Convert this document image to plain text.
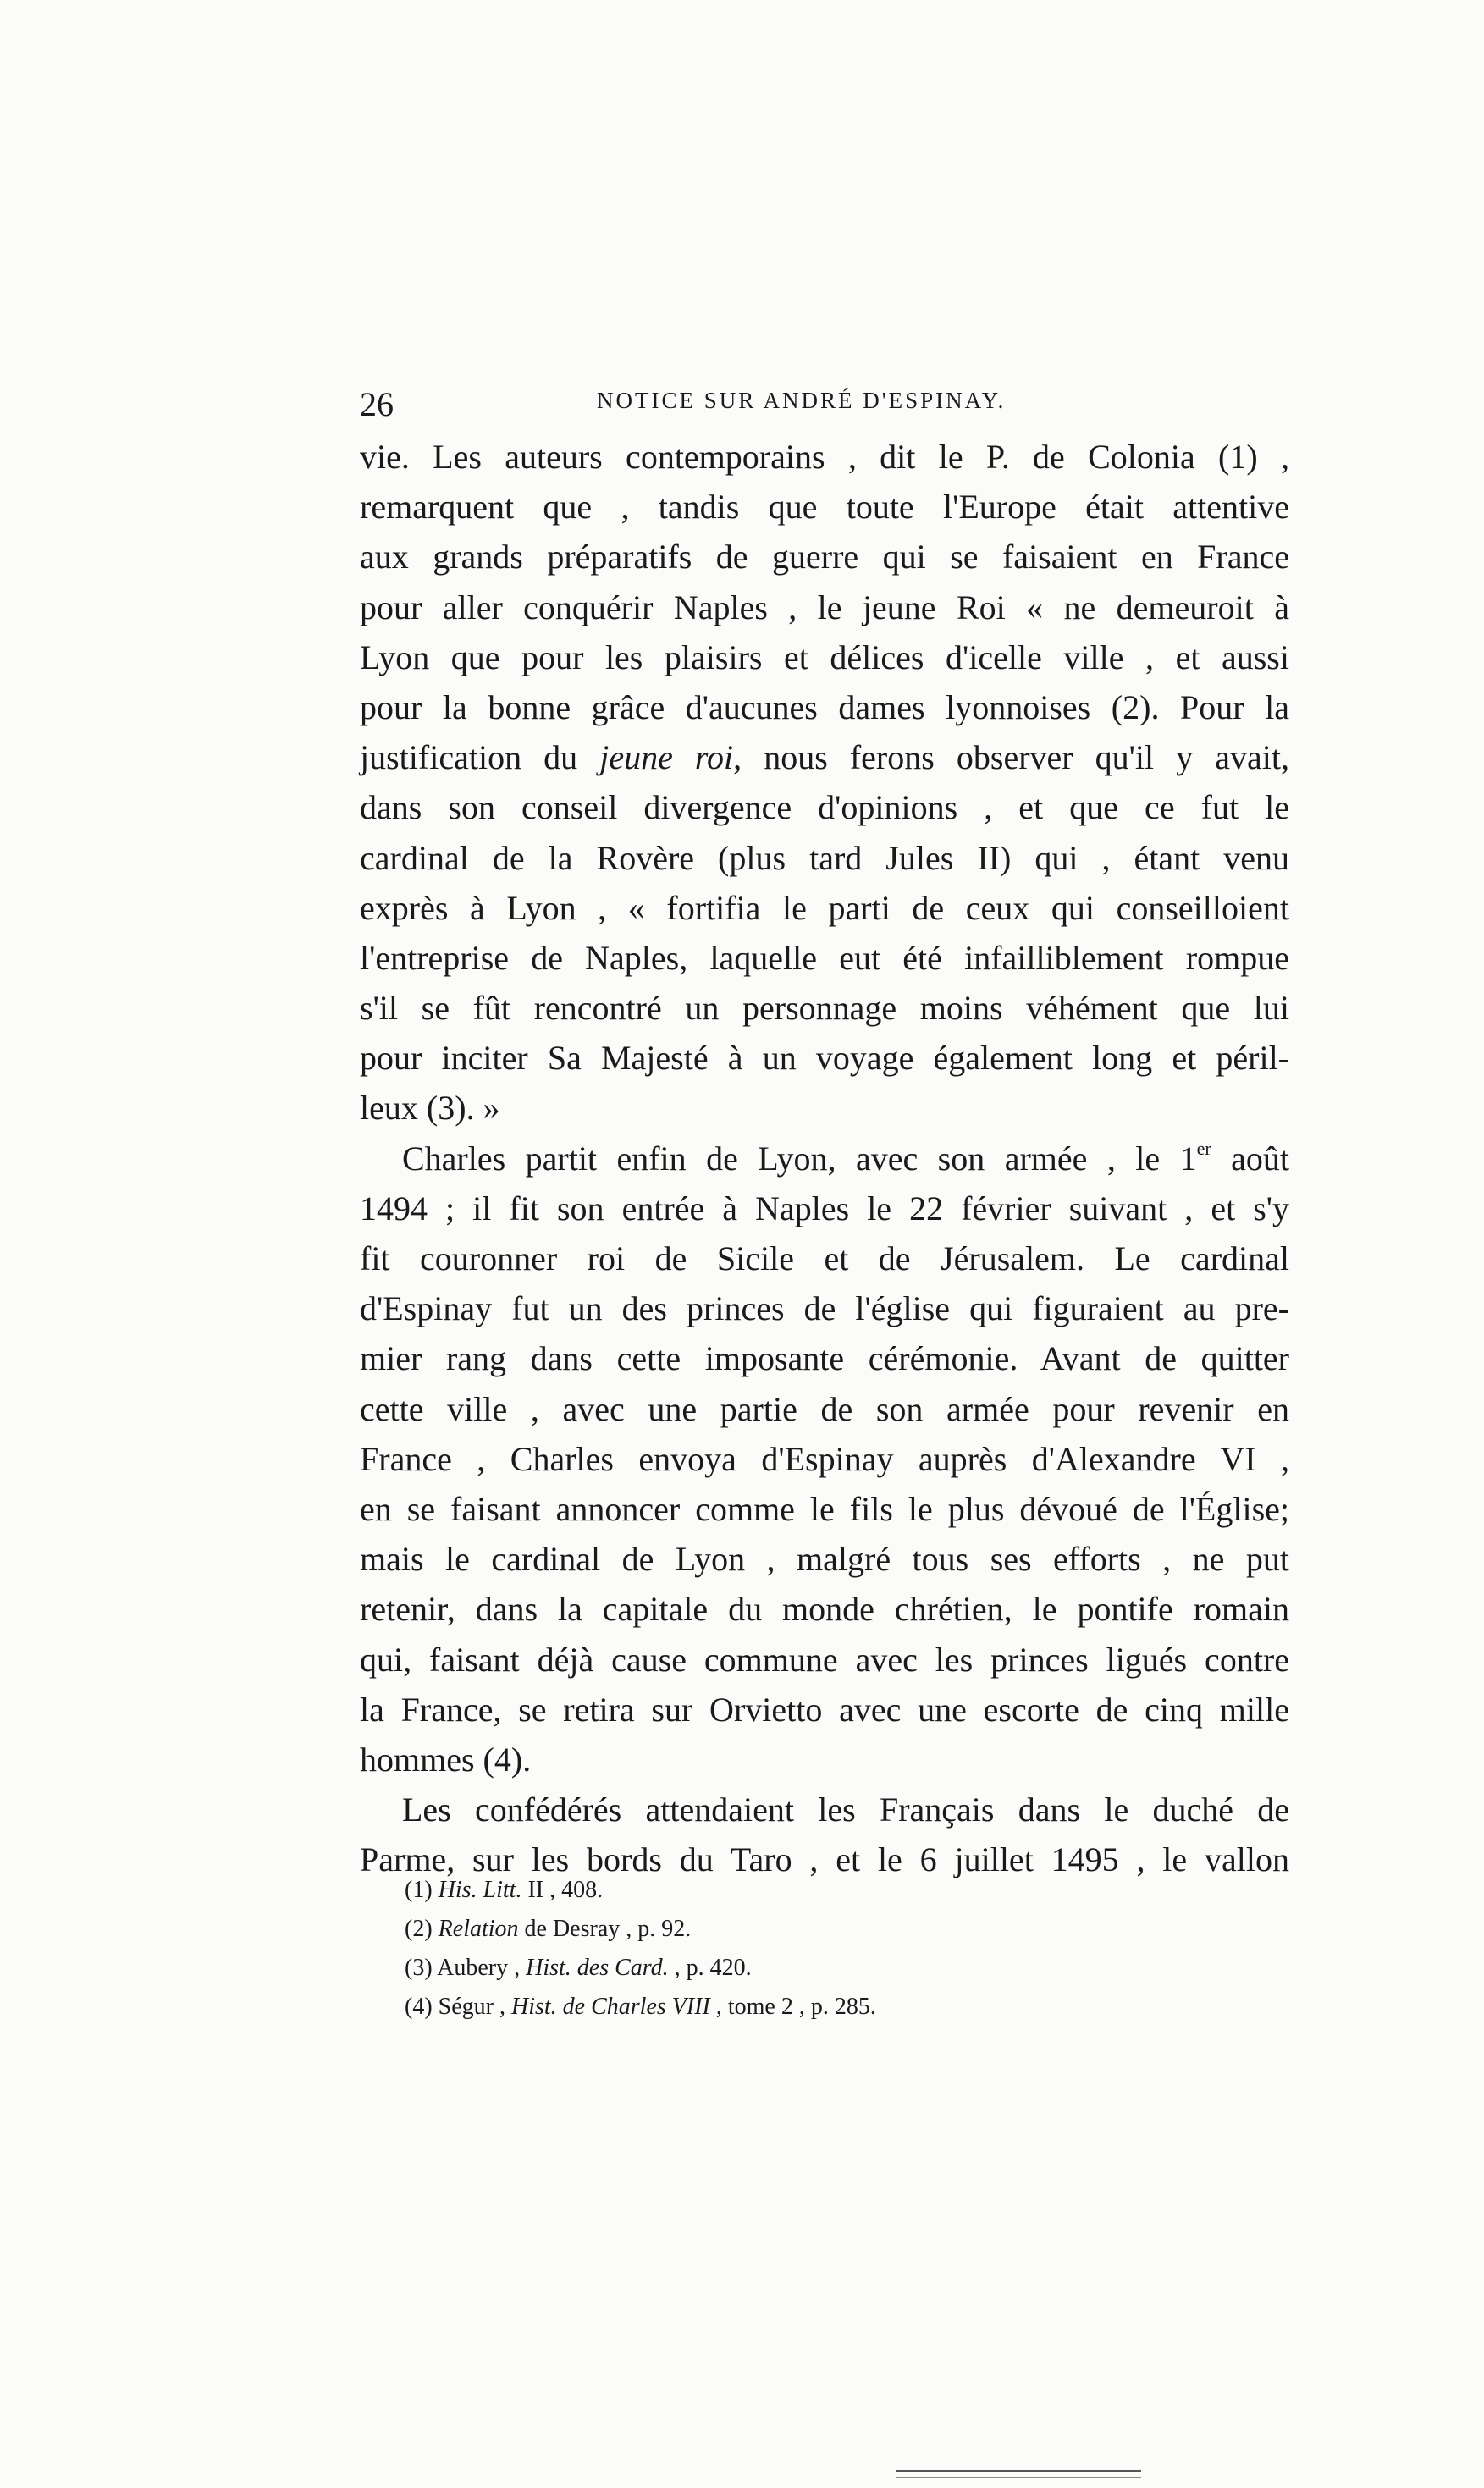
26	NOTICE SUR ANDRÉ D'ESPINAY.
vie. Les auteurs contemporains , dit le P. de Colonia (1) ,
remarquent que , tandis que toute l'Europe était attentive
aux grands préparatifs de guerre qui se faisaient en France
pour aller conquérir Naples , le jeune Roi « ne demeuroit à
Lyon que pour les plaisirs et délices d'icelle ville , et aussi
pour la bonne grâce d'aucunes dames lyonnoises (2). Pour la
justification du jeune roi, nous ferons observer qu'il y avait,
dans son conseil divergence d'opinions , et que ce fut le
cardinal de la Rovère (plus tard Jules II) qui , étant venu
exprès à Lyon , « fortifia le parti de ceux qui conseilloient
l'entreprise de Naples, laquelle eut été infailliblement rompue
s'il se fût rencontré un personnage moins véhément que lui
pour inciter Sa Majesté à un voyage également long et péril-
leux (3). »
Charles partit enfin de Lyon, avec son armée , le 1er août
1494 ; il fit son entrée à Naples le 22 février suivant , et s'y
fit couronner roi de Sicile et de Jérusalem. Le cardinal
d'Espinay fut un des princes de l'église qui figuraient au pre-
mier rang dans cette imposante cérémonie. Avant de quitter
cette ville , avec une partie de son armée pour revenir en
France , Charles envoya d'Espinay auprès d'Alexandre VI ,
en se faisant annoncer comme le fils le plus dévoué de l'Église;
mais le cardinal de Lyon , malgré tous ses efforts , ne put
retenir, dans la capitale du monde chrétien, le pontife romain
qui, faisant déjà cause commune avec les princes ligués contre
la France, se retira sur Orvietto avec une escorte de cinq mille
hommes (4).
Les confédérés attendaient les Français dans le duché de
Parme, sur les bords du Taro , et le 6 juillet 1495 , le vallon
(1) His. Litt. II , 408.
(2) Relation de Desray , p. 92.
(3) Aubery , Hist. des Card. , p. 420.
(4) Ségur , Hist. de Charles VIII , tome 2 , p. 285.
